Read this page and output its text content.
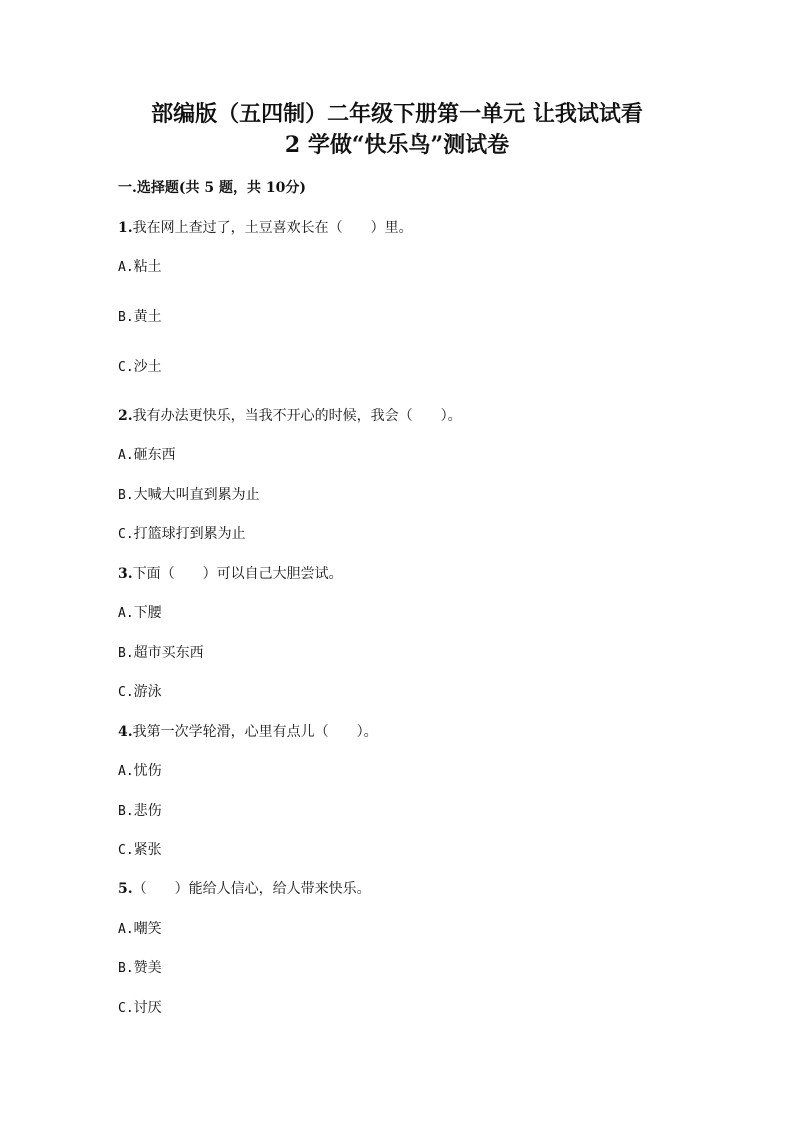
部编版（五四制）二年级下册第一单元 让我试试看
2 学做“快乐鸟”测试卷
一.选择题(共 5 题，共 10分)
1.我在网上查过了，土豆喜欢长在（　　）里。
A.粘土
B.黄土
C.沙土
2.我有办法更快乐，当我不开心的时候，我会（　　）。
A.砸东西
B.大喊大叫直到累为止
C.打篮球打到累为止
3.下面（　　）可以自己大胆尝试。
A.下腰
B.超市买东西
C.游泳
4.我第一次学轮滑，心里有点儿（　　）。
A.忧伤
B.悲伤
C.紧张
5.（　　）能给人信心，给人带来快乐。
A.嘲笑
B.赞美
C.讨厌
